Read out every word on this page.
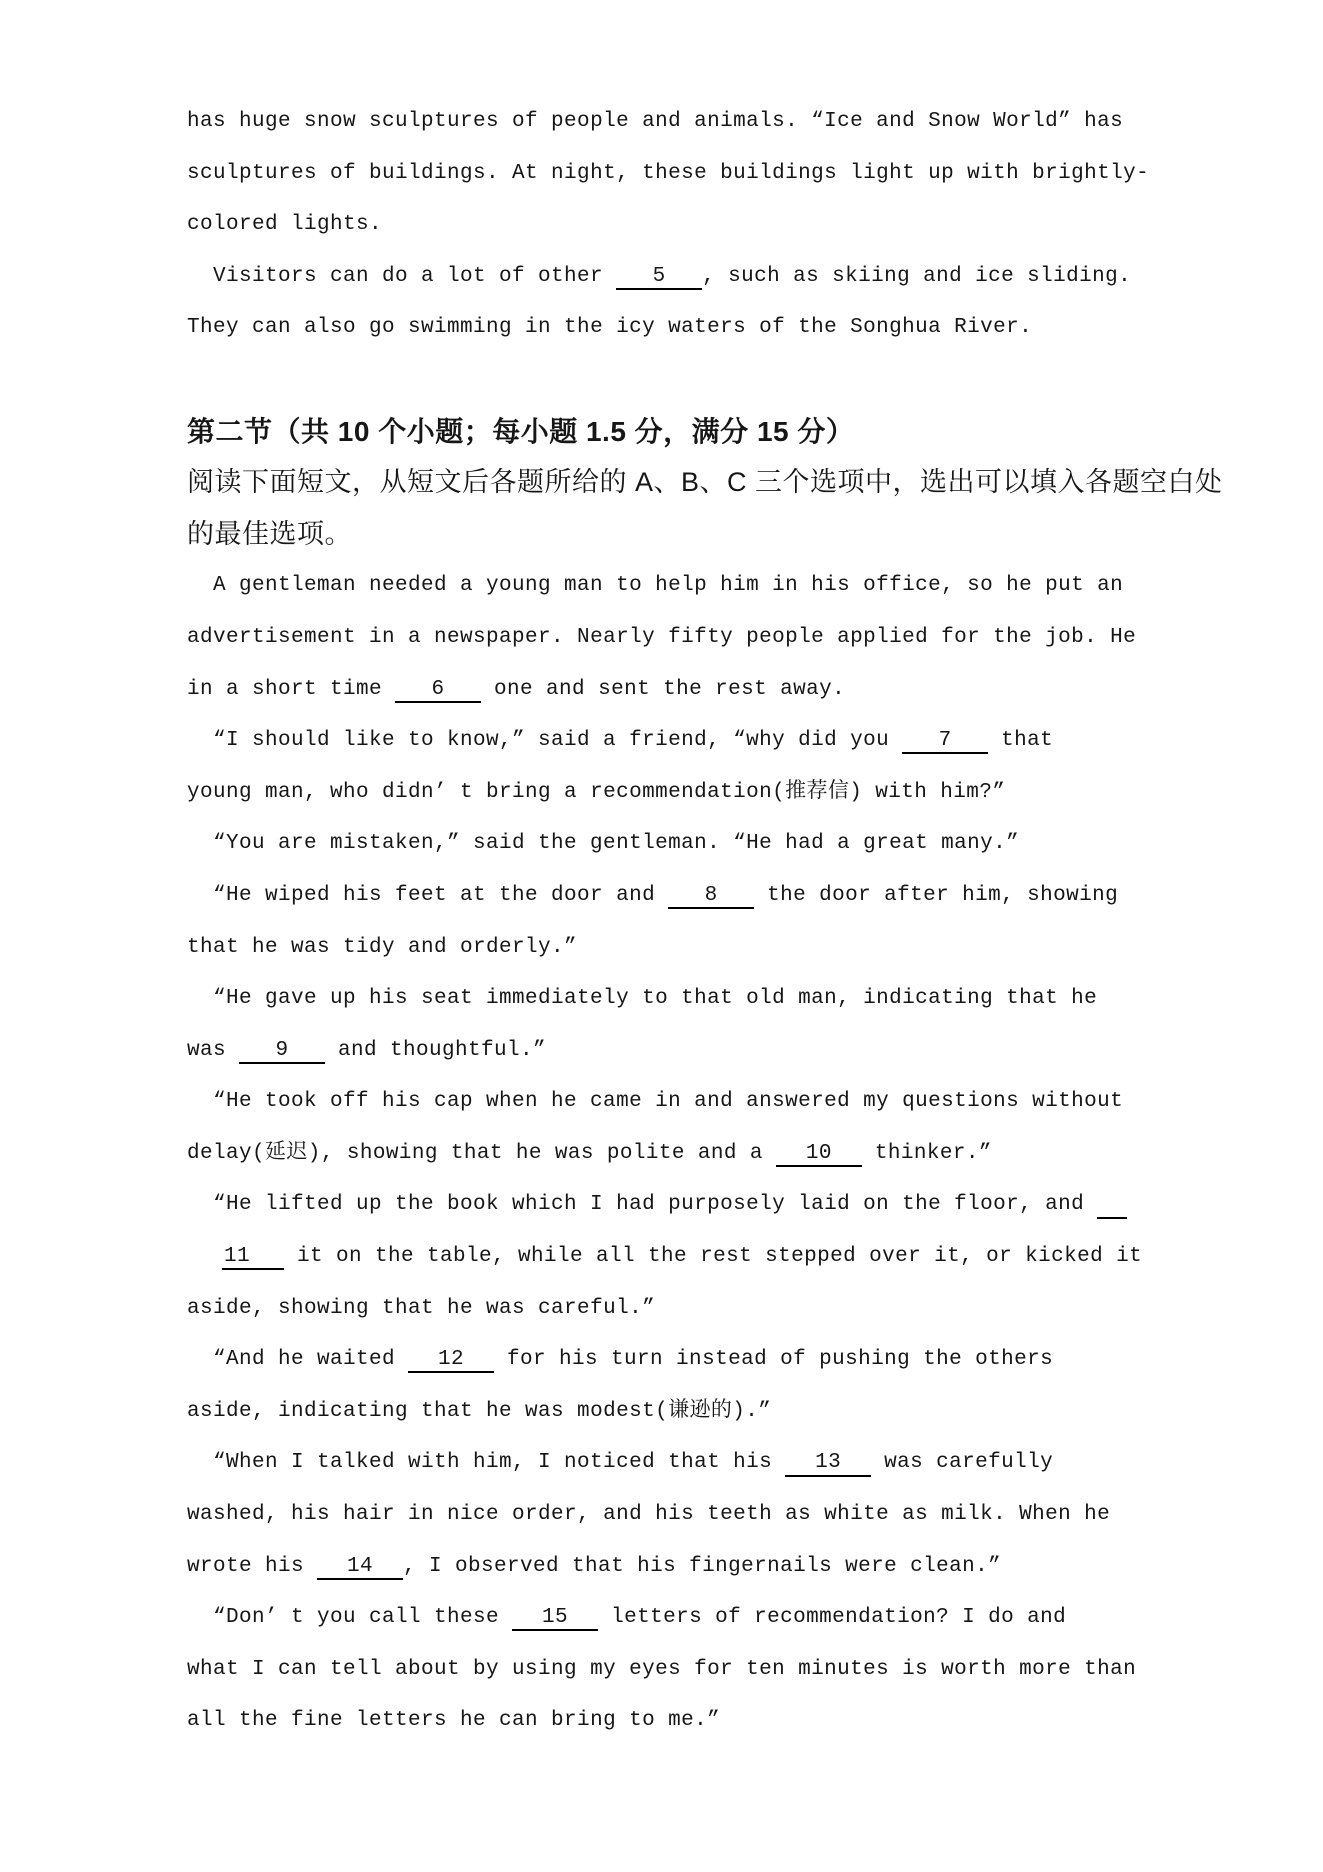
has huge snow sculptures of people and animals. “Ice and Snow World” has
sculptures of buildings. At night, these buildings light up with brightly-
colored lights.
Visitors can do a lot of other 5 , such as skiing and ice sliding.
They can also go swimming in the icy waters of the Songhua River.
第二节（共 10 个小题；每小题 1.5 分，满分 15 分）
阅读下面短文，从短文后各题所给的 A、B、C 三个选项中，选出可以填入各题空白处
的最佳选项。
A gentleman needed a young man to help him in his office, so he put an
advertisement in a newspaper. Nearly fifty people applied for the job. He
in a short time 6 one and sent the rest away.
“I should like to know,” said a friend, “why did you 7 that
young man, who didn’ t bring a recommendation(推荐信) with him?”
“You are mistaken,” said the gentleman. “He had a great many.”
“He wiped his feet at the door and 8 the door after him, showing
that he was tidy and orderly.”
“He gave up his seat immediately to that old man, indicating that he
was 9 and thoughtful.”
“He took off his cap when he came in and answered my questions without
delay(延迟), showing that he was polite and a 10 thinker.”
“He lifted up the book which I had purposely laid on the floor, and
11 it on the table, while all the rest stepped over it, or kicked it
aside, showing that he was careful.”
“And he waited 12 for his turn instead of pushing the others
aside, indicating that he was modest(谦逊的).”
“When I talked with him, I noticed that his 13 was carefully
washed, his hair in nice order, and his teeth as white as milk. When he
wrote his 14 , I observed that his fingernails were clean.”
“Don’ t you call these 15 letters of recommendation? I do and
what I can tell about by using my eyes for ten minutes is worth more than
all the fine letters he can bring to me.”
